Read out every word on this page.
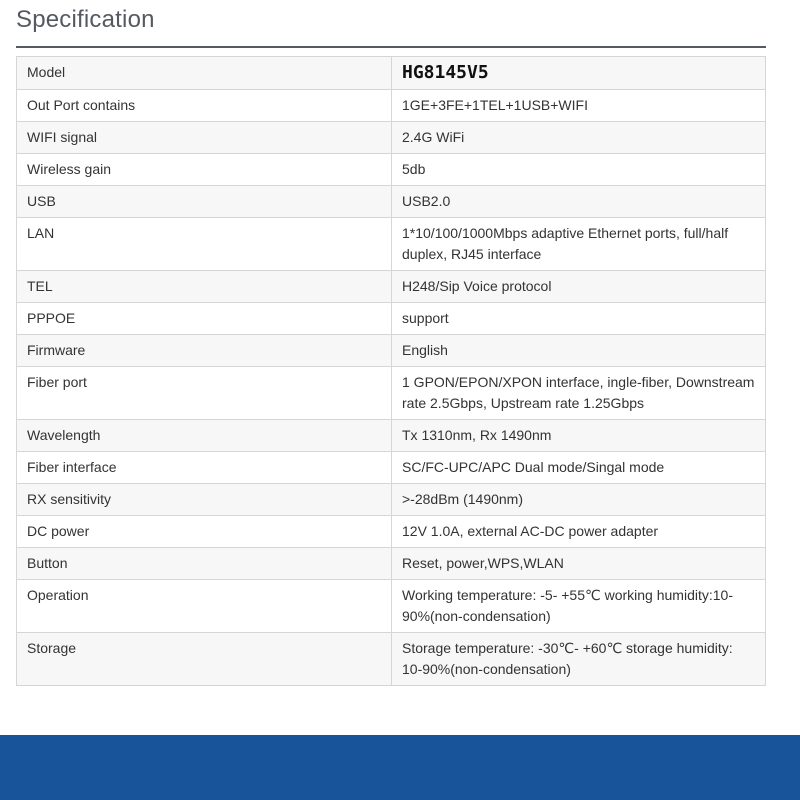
Specification
Model	HG8145V5
Out Port contains	1GE+3FE+1TEL+1USB+WIFI
WIFI signal	2.4G WiFi
Wireless gain	5db
USB	USB2.0
LAN	1*10/100/1000Mbps adaptive Ethernet ports, full/half duplex, RJ45 interface
TEL	H248/Sip Voice protocol
PPPOE	support
Firmware	English
Fiber port	1 GPON/EPON/XPON interface, ingle-fiber, Downstream rate 2.5Gbps, Upstream rate 1.25Gbps
Wavelength	Tx 1310nm, Rx 1490nm
Fiber interface	SC/FC-UPC/APC Dual mode/Singal mode
RX sensitivity	>-28dBm (1490nm)
DC power	12V 1.0A, external AC-DC power adapter
Button	Reset, power,WPS,WLAN
Operation	Working temperature: -5- +55℃ working humidity:10-90%(non-condensation)
Storage	Storage temperature: -30℃- +60℃ storage humidity: 10-90%(non-condensation)
